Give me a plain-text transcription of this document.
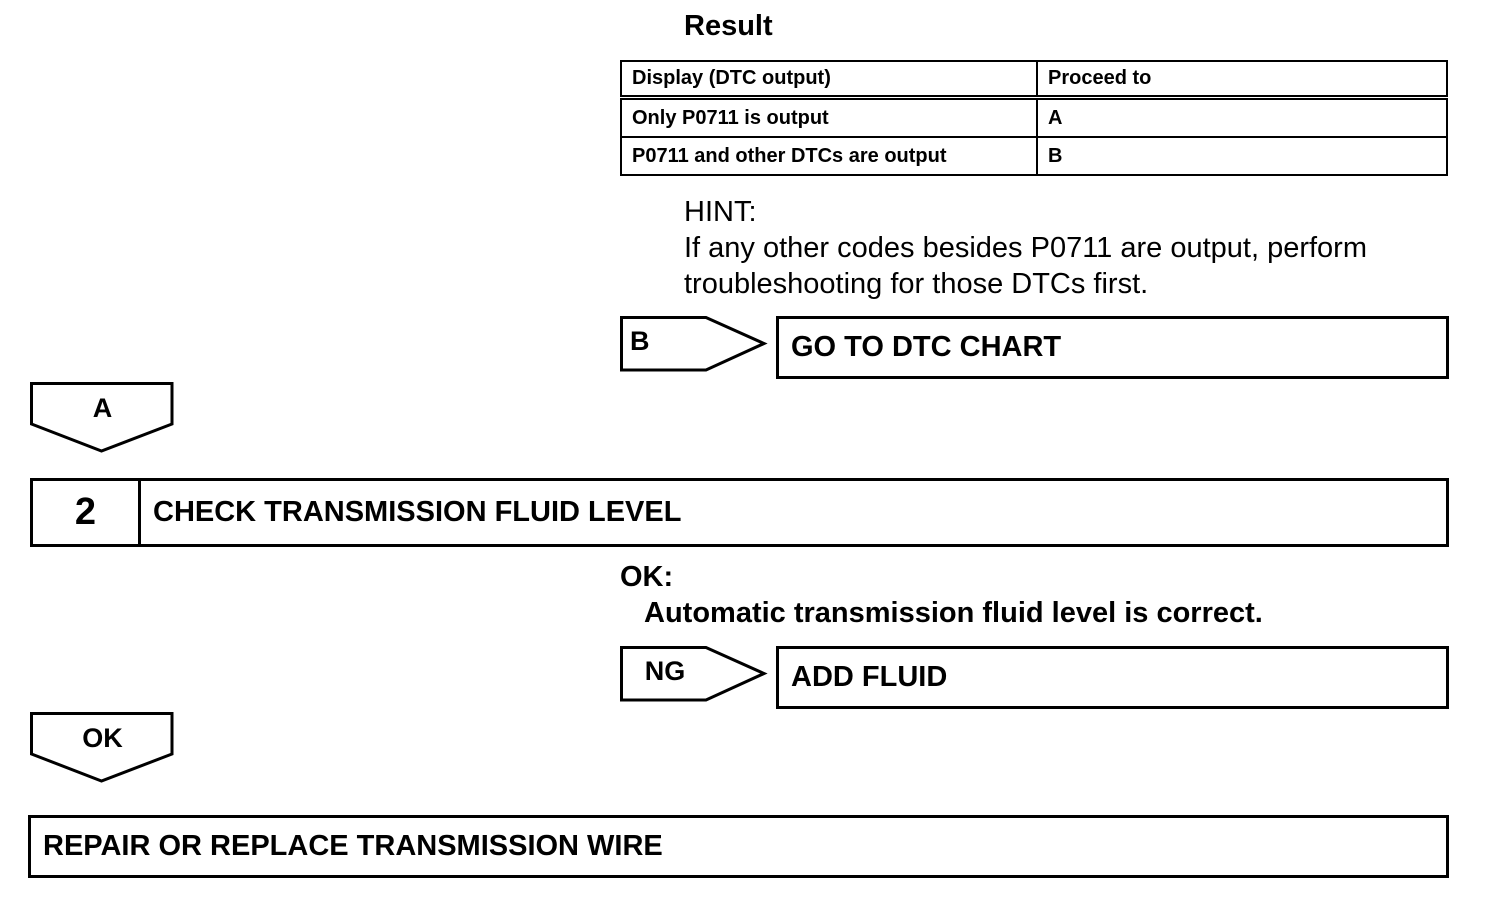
Result
Display (DTC output)	Proceed to
Only P0711 is output	A
P0711 and other DTCs are output	B
HINT:
If any other codes besides P0711 are output, perform
troubleshooting for those DTCs first.
B	GO TO DTC CHART
A
2	CHECK TRANSMISSION FLUID LEVEL
OK:
Automatic transmission fluid level is correct.
NG	ADD FLUID
OK
REPAIR OR REPLACE TRANSMISSION WIRE
